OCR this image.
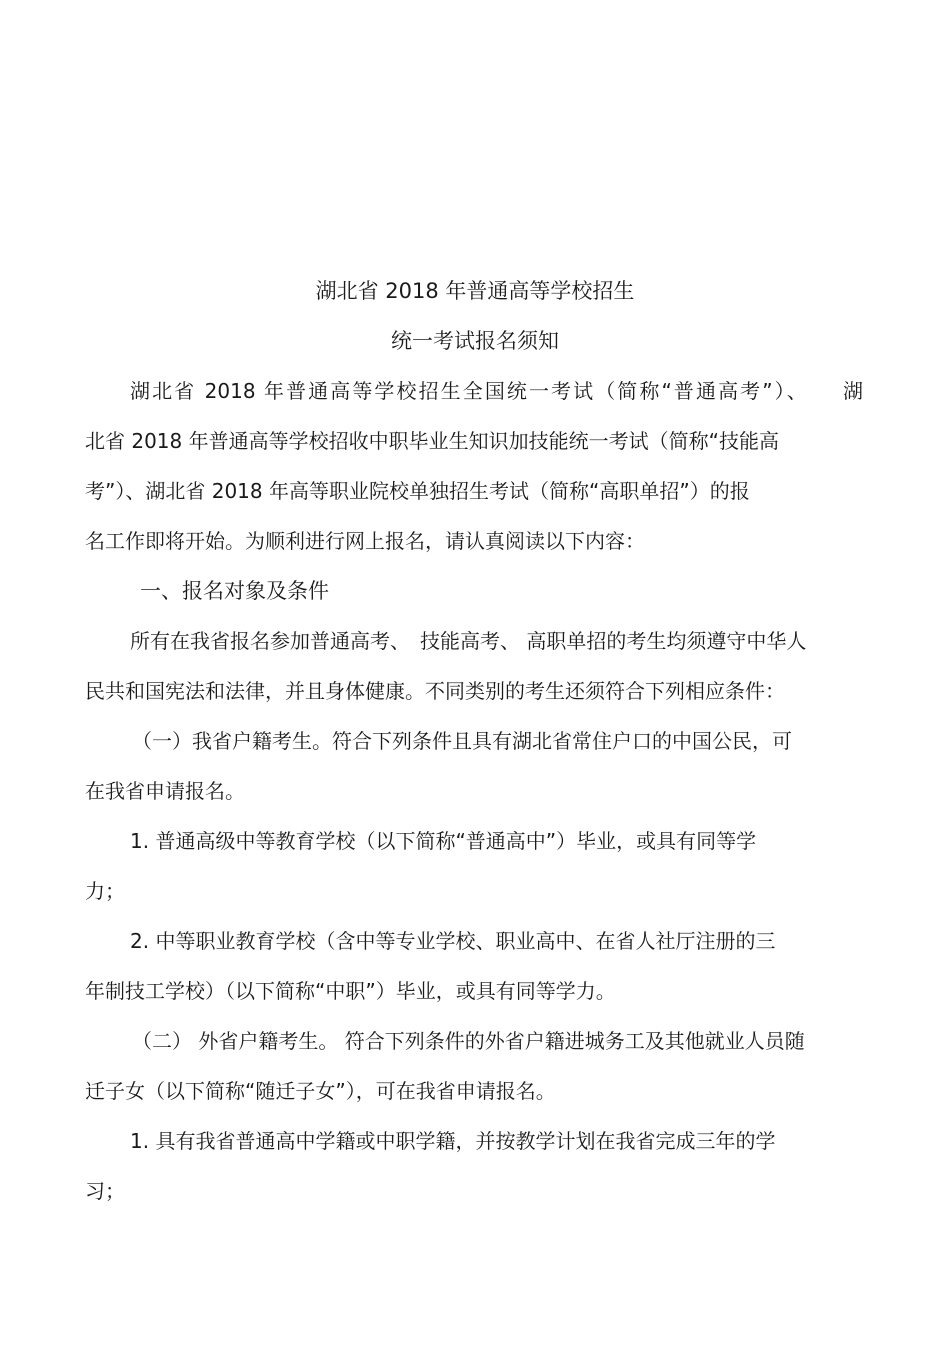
湖北省 2018 年普通高等学校招生
统一考试报名须知
湖北省 2018 年普通高等学校招生全国统一考试（简称“普通高考”）、　　湖
北省 2018 年普通高等学校招收中职毕业生知识加技能统一考试（简称“技能高
考”）、湖北省 2018 年高等职业院校单独招生考试（简称“高职单招”）的报
名工作即将开始。为顺利进行网上报名，请认真阅读以下内容：
一、报名对象及条件
所有在我省报名参加普通高考、　技能高考、 高职单招的考生均须遵守中华人
民共和国宪法和法律，并且身体健康。不同类别的考生还须符合下列相应条件：
（一）我省户籍考生。符合下列条件且具有湖北省常住户口的中国公民，可
在我省申请报名。
1. 普通高级中等教育学校（以下简称“普通高中”）毕业，或具有同等学
力；
2. 中等职业教育学校（含中等专业学校、职业高中、在省人社厅注册的三
年制技工学校）（以下简称“中职”）毕业，或具有同等学力。
（二） 外省户籍考生。 符合下列条件的外省户籍进城务工及其他就业人员随
迁子女（以下简称“随迁子女”），可在我省申请报名。
1. 具有我省普通高中学籍或中职学籍，并按教学计划在我省完成三年的学
习；
